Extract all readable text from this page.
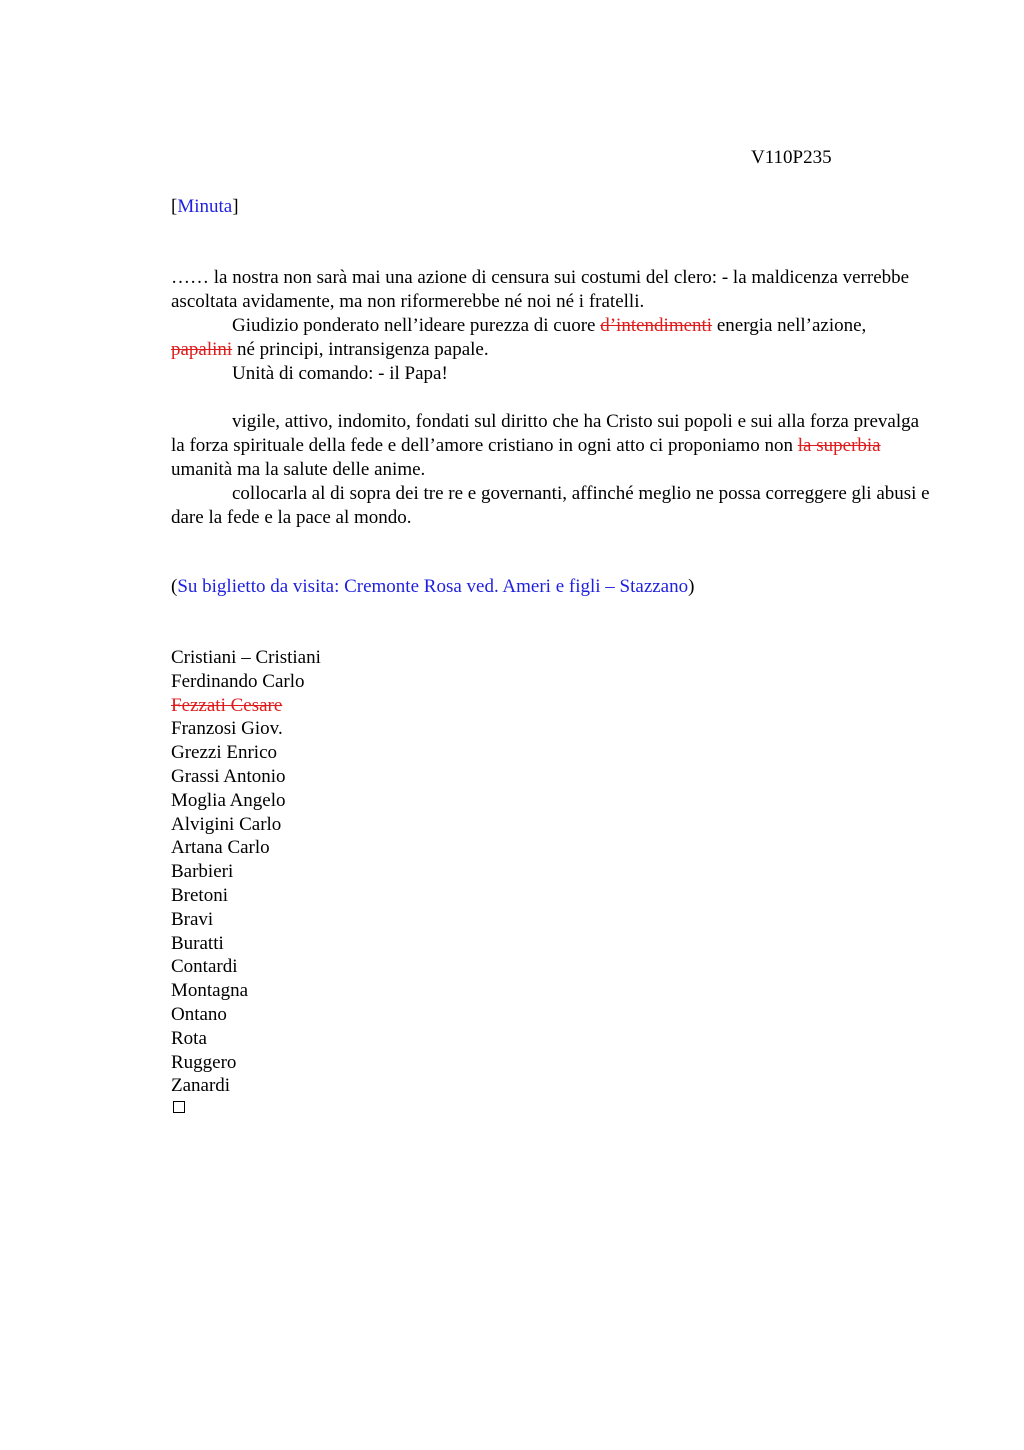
V110P235
[Minuta]

…… la nostra non sarà mai una azione di censura sui costumi del clero: - la maldicenza verrebbe ascoltata avidamente, ma non riformerebbe né noi né i fratelli.

Giudizio ponderato nell’ideare purezza di cuore d’intendimenti energia nell’azione, papalini né principi, intransigenza papale.

Unità di comando: - il Papa!

vigile, attivo, indomito, fondati sul diritto che ha Cristo sui popoli e sui alla forza prevalga la forza spirituale della fede e dell’amore cristiano in ogni atto ci proponiamo non la superbia umanità ma la salute delle anime.

collocarla al di sopra dei tre re e governanti, affinché meglio ne possa correggere gli abusi e dare la fede e la pace al mondo.

(Su biglietto da visita: Cremonte Rosa ved. Ameri e figli – Stazzano)
Cristiani – Cristiani
Ferdinando Carlo
Fezzati Cesare
Franzosi Giov.
Grezzi Enrico
Grassi Antonio
Moglia Angelo
Alvigini Carlo
Artana Carlo
Barbieri
Bretoni
Bravi
Buratti
Contardi
Montagna
Ontano
Rota
Ruggero
Zanardi
